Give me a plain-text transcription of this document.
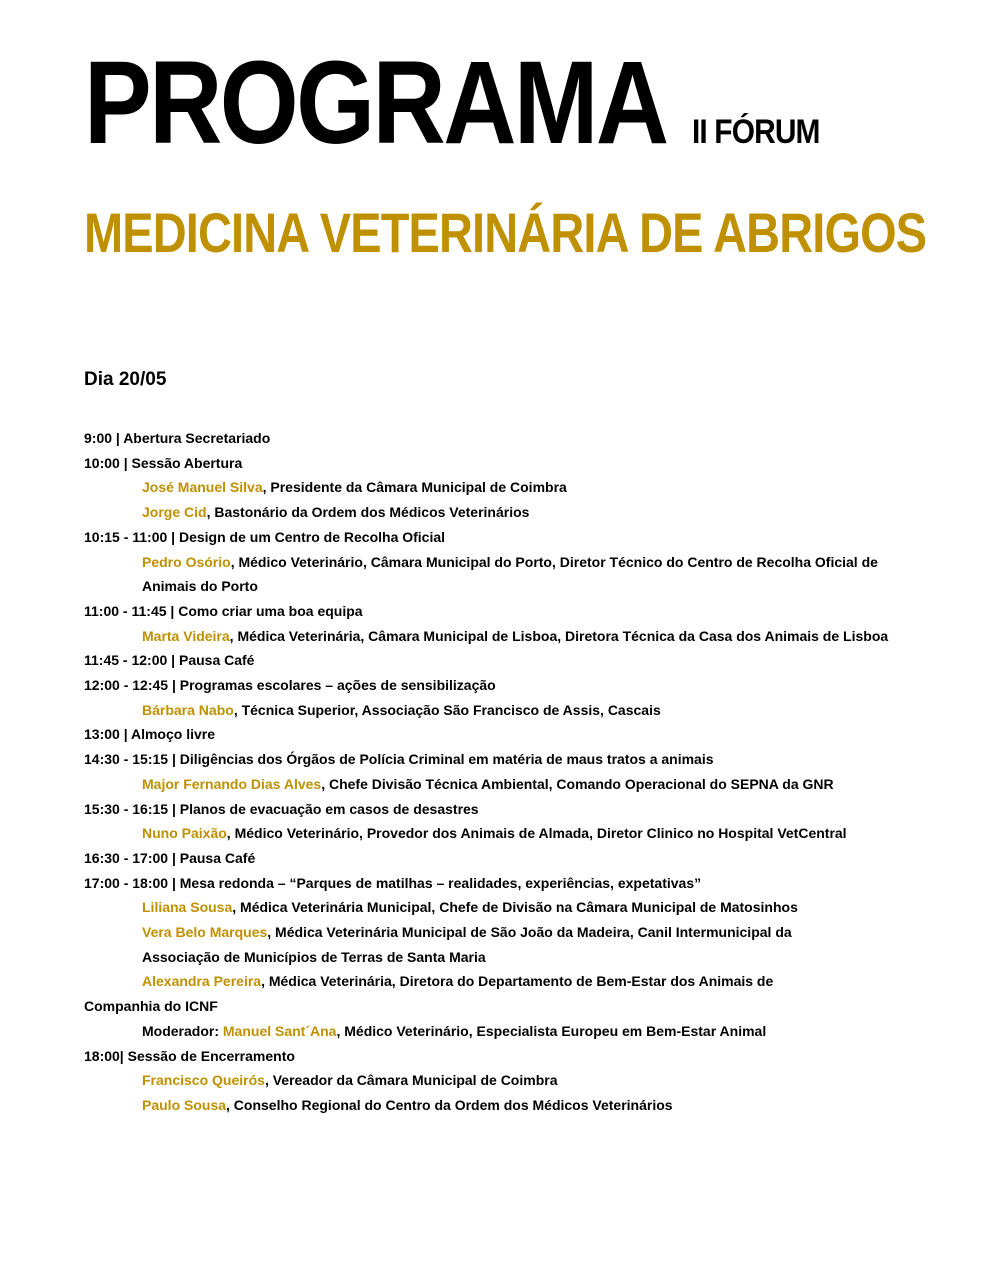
PROGRAMA II FÓRUM
MEDICINA VETERINÁRIA DE ABRIGOS
Dia 20/05
9:00 | Abertura Secretariado
10:00 | Sessão Abertura
José Manuel Silva, Presidente da Câmara Municipal de Coimbra
Jorge Cid, Bastonário da Ordem dos Médicos Veterinários
10:15 - 11:00 | Design de um Centro de Recolha Oficial
Pedro Osório, Médico Veterinário, Câmara Municipal do Porto, Diretor Técnico do Centro de Recolha Oficial de
Animais do Porto
11:00 - 11:45 | Como criar uma boa equipa
Marta Videira, Médica Veterinária, Câmara Municipal de Lisboa, Diretora Técnica da Casa dos Animais de Lisboa
11:45 - 12:00 | Pausa Café
12:00 - 12:45 | Programas escolares – ações de sensibilização
Bárbara Nabo, Técnica Superior, Associação São Francisco de Assis, Cascais
13:00 | Almoço livre
14:30 - 15:15 | Diligências dos Órgãos de Polícia Criminal em matéria de maus tratos a animais
Major Fernando Dias Alves, Chefe Divisão Técnica Ambiental, Comando Operacional do SEPNA da GNR
15:30 - 16:15 | Planos de evacuação em casos de desastres
Nuno Paixão, Médico Veterinário, Provedor dos Animais de Almada, Diretor Clinico no Hospital VetCentral
16:30 - 17:00 | Pausa Café
17:00 - 18:00 | Mesa redonda – “Parques de matilhas – realidades, experiências, expetativas”
Liliana Sousa, Médica Veterinária Municipal, Chefe de Divisão na Câmara Municipal de Matosinhos
Vera Belo Marques, Médica Veterinária Municipal de São João da Madeira, Canil Intermunicipal da
Associação de Municípios de Terras de Santa Maria
Alexandra Pereira, Médica Veterinária, Diretora do Departamento de Bem-Estar dos Animais de
Companhia do ICNF
Moderador: Manuel Sant´Ana, Médico Veterinário, Especialista Europeu em Bem-Estar Animal
18:00| Sessão de Encerramento
Francisco Queirós, Vereador da Câmara Municipal de Coimbra
Paulo Sousa, Conselho Regional do Centro da Ordem dos Médicos Veterinários
